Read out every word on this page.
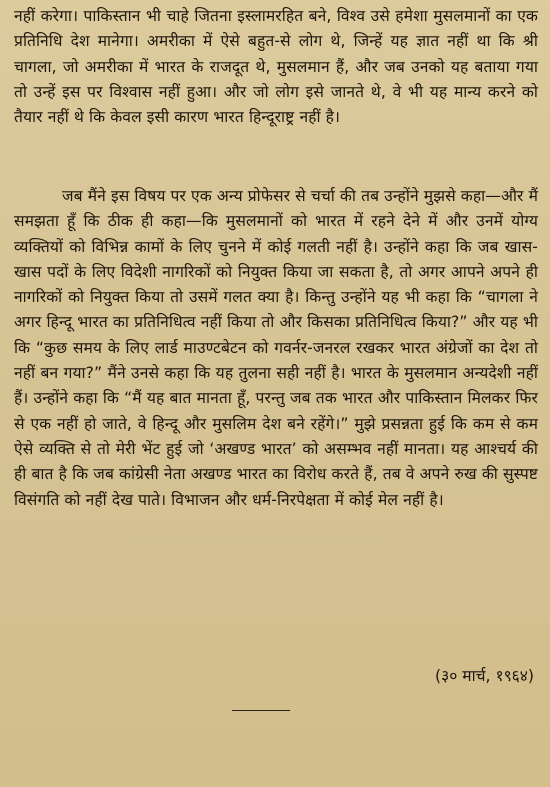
नहीं करेगा। पाकिस्तान भी चाहे जितना इस्लामरहित बने, विश्व उसे हमेशा मुसलमानों का एक प्रतिनिधि देश मानेगा। अमरीका में ऐसे बहुत-से लोग थे, जिन्हें यह ज्ञात नहीं था कि श्री चागला, जो अमरीका में भारत के राजदूत थे, मुसलमान हैं, और जब उनको यह बताया गया तो उन्हें इस पर विश्वास नहीं हुआ। और जो लोग इसे जानते थे, वे भी यह मान्य करने को तैयार नहीं थे कि केवल इसी कारण भारत हिन्दूराष्ट्र नहीं है।

जब मैंने इस विषय पर एक अन्य प्रोफेसर से चर्चा की तब उन्होंने मुझसे कहा—और मैं समझता हूँ कि ठीक ही कहा—कि मुसलमानों को भारत में रहने देने में और उनमें योग्य व्यक्तियों को विभिन्न कामों के लिए चुनने में कोई गलती नहीं है। उन्होंने कहा कि जब खास-खास पदों के लिए विदेशी नागरिकों को नियुक्त किया जा सकता है, तो अगर आपने अपने ही नागरिकों को नियुक्त किया तो उसमें गलत क्या है। किन्तु उन्होंने यह भी कहा कि “चागला ने अगर हिन्दू भारत का प्रतिनिधित्व नहीं किया तो और किसका प्रतिनिधित्व किया?” और यह भी कि “कुछ समय के लिए लार्ड माउण्टबेटन को गवर्नर-जनरल रखकर भारत अंग्रेजों का देश तो नहीं बन गया?” मैंने उनसे कहा कि यह तुलना सही नहीं है। भारत के मुसलमान अन्यदेशी नहीं हैं। उन्होंने कहा कि “मैं यह बात मानता हूँ, परन्तु जब तक भारत और पाकिस्तान मिलकर फिर से एक नहीं हो जाते, वे हिन्दू और मुसलिम देश बने रहेंगे।” मुझे प्रसन्नता हुई कि कम से कम ऐसे व्यक्ति से तो मेरी भेंट हुई जो ‘अखण्ड भारत’ को असम्भव नहीं मानता। यह आश्चर्य की ही बात है कि जब कांग्रेसी नेता अखण्ड भारत का विरोध करते हैं, तब वे अपने रुख की सुस्पष्ट विसंगति को नहीं देख पाते। विभाजन और धर्म-निरपेक्षता में कोई मेल नहीं है।

(३० मार्च, १९६४)
